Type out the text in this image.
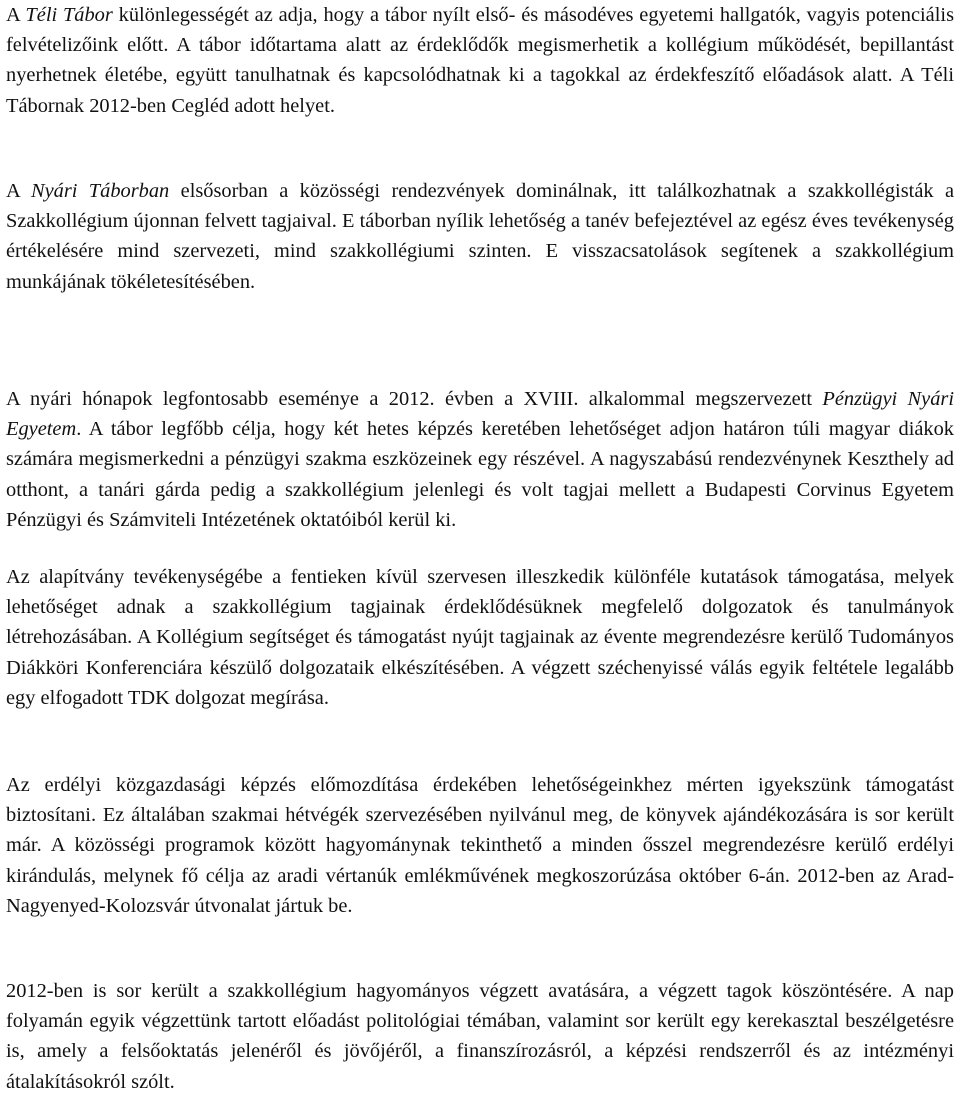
A Téli Tábor különlegességét az adja, hogy a tábor nyílt első- és másodéves egyetemi hallgatók, vagyis potenciális felvételizőink előtt. A tábor időtartama alatt az érdeklődők megismerhetik a kollégium működését, bepillantást nyerhetnek életébe, együtt tanulhatnak és kapcsolódhatnak ki a tagokkal az érdekfeszítő előadások alatt. A Téli Tábornak 2012-ben Cegléd adott helyet.

A Nyári Táborban elsősorban a közösségi rendezvények dominálnak, itt találkozhatnak a szakkollégisták a Szakkollégium újonnan felvett tagjaival. E táborban nyílik lehetőség a tanév befejeztével az egész éves tevékenység értékelésére mind szervezeti, mind szakkollégiumi szinten. E visszacsatolások segítenek a szakkollégium munkájának tökéletesítésében.

A nyári hónapok legfontosabb eseménye a 2012. évben a XVIII. alkalommal megszervezett Pénzügyi Nyári Egyetem. A tábor legfőbb célja, hogy két hetes képzés keretében lehetőséget adjon határon túli magyar diákok számára megismerkedni a pénzügyi szakma eszközeinek egy részével. A nagyszabású rendezvénynek Keszthely ad otthont, a tanári gárda pedig a szakkollégium jelenlegi és volt tagjai mellett a Budapesti Corvinus Egyetem Pénzügyi és Számviteli Intézetének oktatóiból kerül ki.

Az alapítvány tevékenységébe a fentieken kívül szervesen illeszkedik különféle kutatások támogatása, melyek lehetőséget adnak a szakkollégium tagjainak érdeklődésüknek megfelelő dolgozatok és tanulmányok létrehozásában. A Kollégium segítséget és támogatást nyújt tagjainak az évente megrendezésre kerülő Tudományos Diákköri Konferenciára készülő dolgozataik elkészítésében. A végzett széchenyissé válás egyik feltétele legalább egy elfogadott TDK dolgozat megírása.

Az erdélyi közgazdasági képzés előmozdítása érdekében lehetőségeinkhez mérten igyekszünk támogatást biztosítani. Ez általában szakmai hétvégék szervezésében nyilvánul meg, de könyvek ajándékozására is sor került már. A közösségi programok között hagyománynak tekinthető a minden ősszel megrendezésre kerülő erdélyi kirándulás, melynek fő célja az aradi vértanúk emlékművének megkoszorúzása október 6-án. 2012-ben az Arad-Nagyenyed-Kolozsvár útvonalat jártuk be.

2012-ben is sor került a szakkollégium hagyományos végzett avatására, a végzett tagok köszöntésére. A nap folyamán egyik végzettünk tartott előadást politológiai témában, valamint sor került egy kerekasztal beszélgetésre is, amely a felsőoktatás jelenéről és jövőjéről, a finanszírozásról, a képzési rendszerről és az intézményi átalakításokról szólt.
